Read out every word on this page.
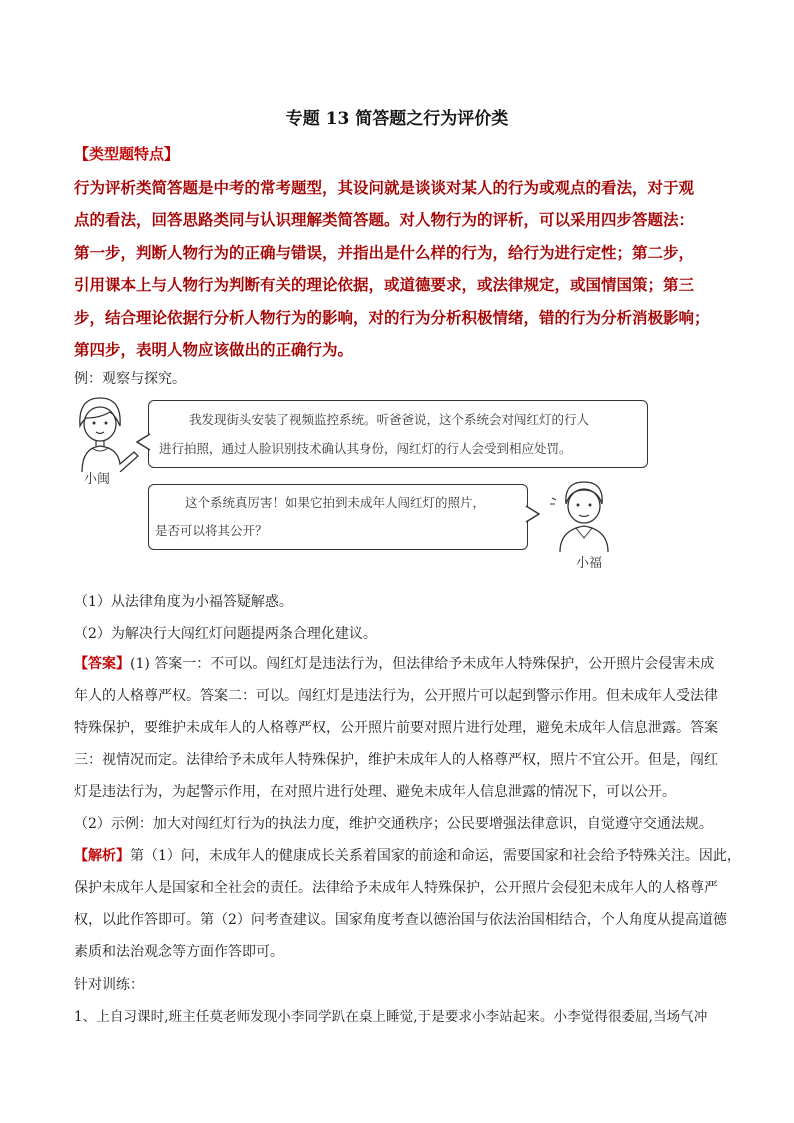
专题 13 简答题之行为评价类
【类型题特点】

行为评析类简答题是中考的常考题型，其设问就是谈谈对某人的行为或观点的看法，对于观

点的看法，回答思路类同与认识理解类简答题。对人物行为的评析，可以采用四步答题法：

第一步，判断人物行为的正确与错误，并指出是什么样的行为，给行为进行定性；第二步，

引用课本上与人物行为判断有关的理论依据，或道德要求，或法律规定，或国情国策；第三

步，结合理论依据行分析人物行为的影响，对的行为分析积极情绪，错的行为分析消极影响；

第四步，表明人物应该做出的正确行为。

例：观察与探究。
小闽
我发现街头安装了视频监控系统。听爸爸说，这个系统会对闯红灯的行人
进行拍照，通过人脸识别技术确认其身份，闯红灯的行人会受到相应处罚。
这个系统真厉害！如果它拍到未成年人闯红灯的照片，
是否可以将其公开？
小福
（1）从法律角度为小福答疑解惑。
（2）为解决行大闯红灯问题提两条合理化建议。

【答案】(1) 答案一：不可以。闯红灯是违法行为，但法律给予未成年人特殊保护，公开照片会侵害未成

年人的人格尊严权。答案二：可以。闯红灯是违法行为，公开照片可以起到警示作用。但未成年人受法律

特殊保护，要维护未成年人的人格尊严权，公开照片前要对照片进行处理，避免未成年人信息泄露。答案

三：视情况而定。法律给予未成年人特殊保护，维护未成年人的人格尊严权，照片不宜公开。但是，闯红

灯是违法行为，为起警示作用，在对照片进行处理、避免未成年人信息泄露的情况下，可以公开。

（2）示例：加大对闯红灯行为的执法力度，维护交通秩序；公民要增强法律意识，自觉遵守交通法规。

【解析】第（1）问，未成年人的健康成长关系着国家的前途和命运，需要国家和社会给予特殊关注。因此，

保护未成年人是国家和全社会的责任。法律给予未成年人特殊保护，公开照片会侵犯未成年人的人格尊严

权，以此作答即可。第（2）问考查建议。国家角度考查以德治国与依法治国相结合，个人角度从提高道德

素质和法治观念等方面作答即可。

针对训练：
1、上自习课时,班主任莫老师发现小李同学趴在桌上睡觉,于是要求小李站起来。小李觉得很委屈,当场气冲
